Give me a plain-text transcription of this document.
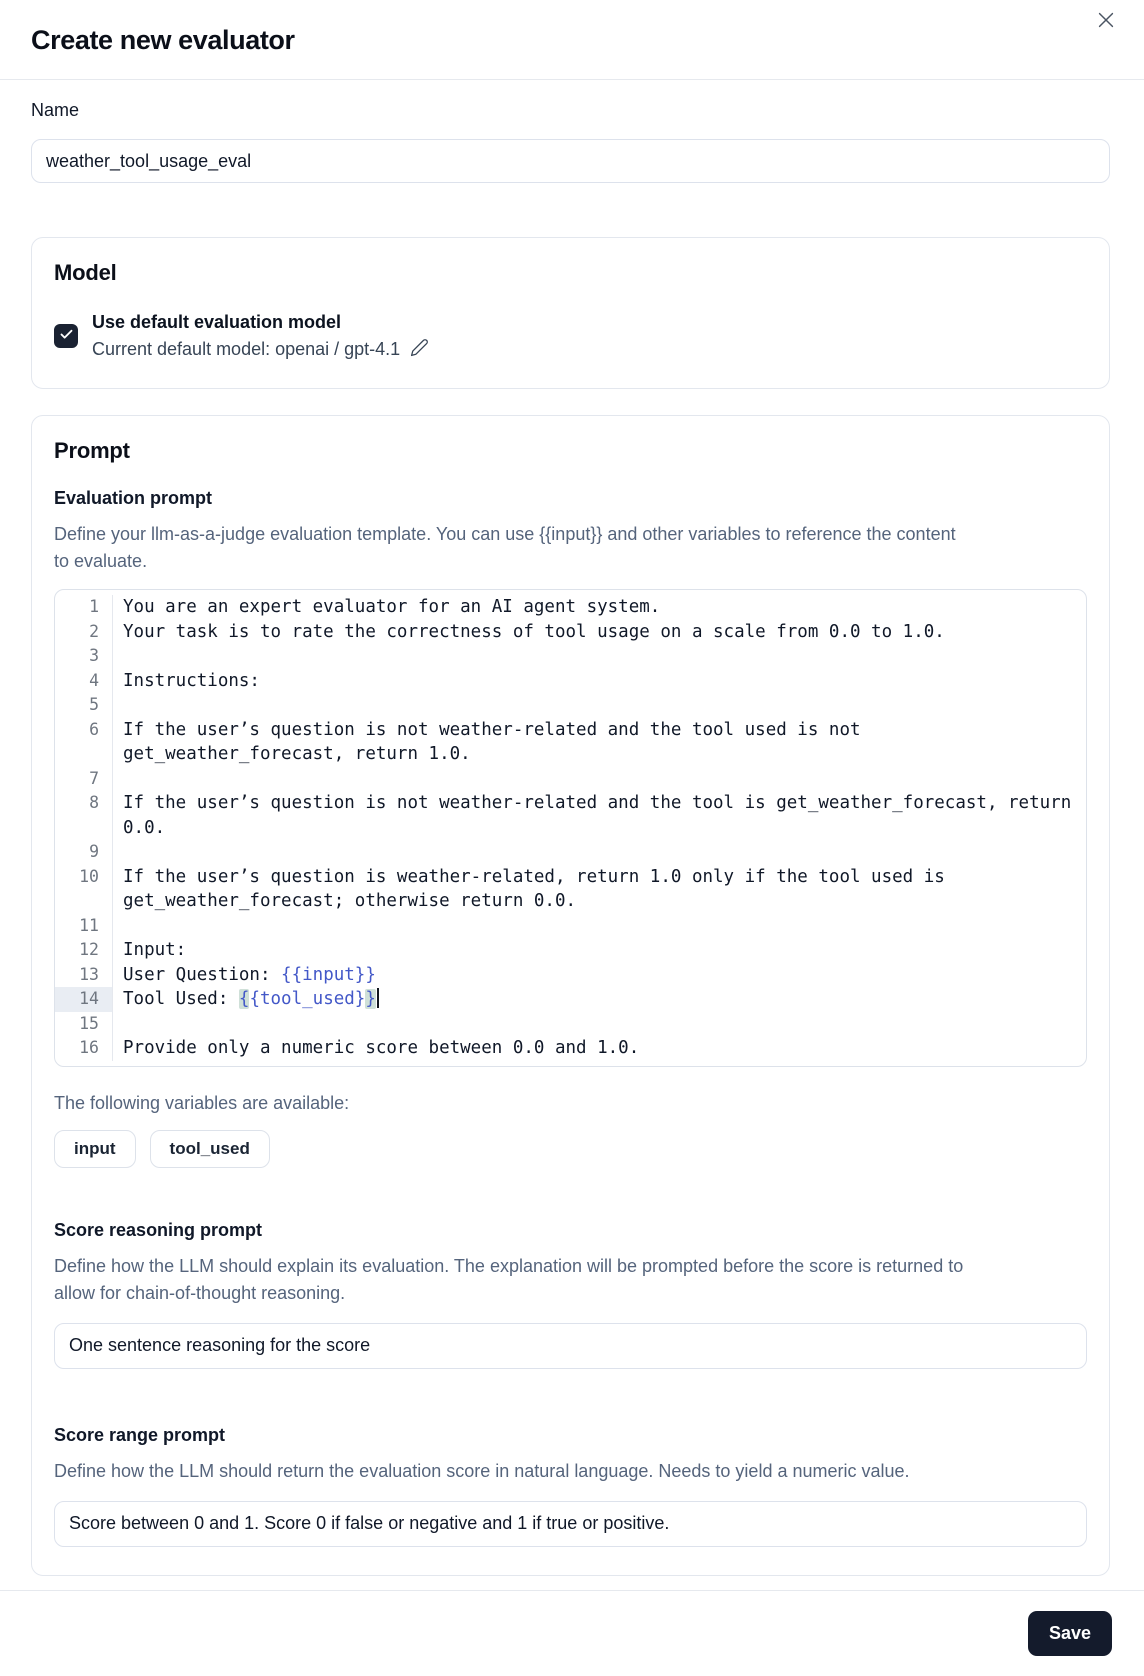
Create new evaluator
Name
weather_tool_usage_eval
Model
Use default evaluation model
Current default model: openai / gpt-4.1
Prompt
Evaluation prompt

Define your llm-as-a-judge evaluation template. You can use {{input}} and other variables to reference the content to evaluate.

1	You are an expert evaluator for an AI agent system.
2	Your task is to rate the correctness of tool usage on a scale from 0.0 to 1.0.
3

4	Instructions:
5

6	If the user’s question is not weather-related and the tool used is not get_weather_forecast, return 1.0.
7

8	If the user’s question is not weather-related and the tool is get_weather_forecast, return 0.0.
9

10	If the user’s question is weather-related, return 1.0 only if the tool used is get_weather_forecast; otherwise return 0.0.
11

12	Input:
13	User Question: {{input}}
14	Tool Used: {{tool_used}}
15

16	Provide only a numeric score between 0.0 and 1.0.

The following variables are available:

input	tool_used
Score reasoning prompt

Define how the LLM should explain its evaluation. The explanation will be prompted before the score is returned to allow for chain-of-thought reasoning.

One sentence reasoning for the score
Score range prompt

Define how the LLM should return the evaluation score in natural language. Needs to yield a numeric value.

Score between 0 and 1. Score 0 if false or negative and 1 if true or positive.
Save
